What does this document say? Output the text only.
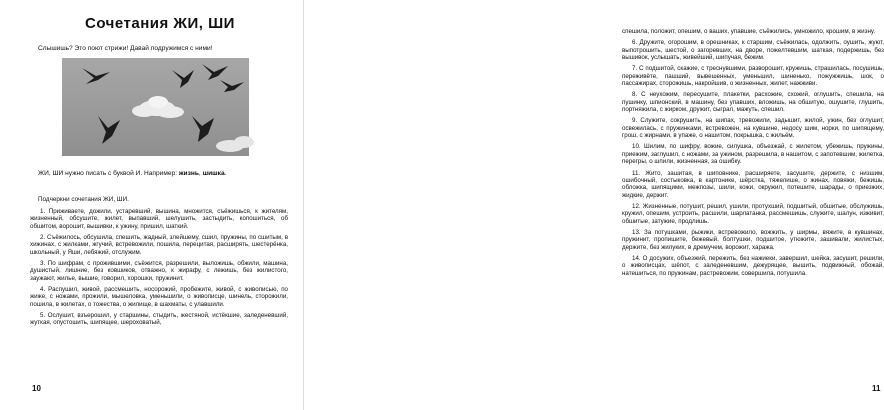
Сочетания ЖИ, ШИ
Слышишь? Это поют стрижи! Давай подружимся с ними!
ЖИ, ШИ нужно писать с буквой И. Например: жизнь, шишка.
Подчеркни сочетания ЖИ, ШИ.

1. Приживаете, дожили, устаревший, вышина, множится, съёжишься, к жителям, жизненный, обсушите, жилет, выпавший, шелушить, застыдить, копошиться, об обшитом, ворошит, вышивки, к ужину, пришил, шаткий.

2. Съёжилось, обсушила, спешить, жадный, злейшему, сшил, пружины, по сшитым, в хижинах, с жилками, жгучий, встревожили, пошила, перецитая, расширять, шестерёнка, школьный, у Яши, лебяжий, отслужим.

3. По шифрам, с прожившими, съёжится, разрешили, выложишь, обжили, машина, душистый, лишние, без ковшиков, отважно, к жирафу, с лежишь, без жилистого, заужают, жилье, вышие, говорил, хорошки, пружинит.

4. Распушил, живой, рассмешить, носорожий, пробежите, живой, с живописью, по жиже, с ножами, прожили, мышеловка, уменьшили, о живописце, шинель, сторожили, пошила, в жилетах, о тожества, о жилище, в шахматы, с улавшили.

5. Ослушит, взъерошил, у старшины, стыдить, жестяной, истёкшие, заледеневший, жуткая, опустошить, шипящее, шероховатый,

10

спешила, положит, опешим, о ваших, упавшие, съёжились, умножило, крошим, в жизну.

6. Дружите, огорошим, в орешниках, к старшим, съёжилась, одолжить, оушить, жуют, выпотрошить, шестой, о загоревших, на дворе, пожелтевшим, шаткая, подержишь, без вышивок, услышать, живейший, шипучая, бежим.

7. С подшитой, скажие, с треснувшими, разворошит, кружишь, страшилась, посушишь, переживёте, пашший, вывешенных, уменьшил, шиненько, пожужжишь, шок, о пассажирах, сторожишь, накройшив, о жизненных, жилет, нажживи.

8. С неухожим, пересушите, плакетки, расхожие, схожий, оглушить, спешила, на пушинку, шпионский, в машину, без упавших, вложишь, на обшитую, ошушите, глушить, портняжила, с жирком, дружит, сыграл, мажуть, спешил.

9. Служите, сокрушить, на шипах, тревожили, задышит, жилой, ужин, без оглушит, освежилась, с пружинками, встревожен, на кувшине, недосу шим, норки, по шипящему, грош, с жирнами, в упаже, о нашитом, покрышка, с жильём.

10. Шилим, по шифру, вожие, силушка, объезжай, с жилетом, убежишь, пружины, приежим, заглушил, с ножами, за ужином, разрешила, в нашитом, с запотевшим, жилетка, перегры, о шпили, жизненная, за ошибку.

11. Жито, зашитая, в шиповнике, расширяете, засушите, держите, с низшим, ошибочный, состыковка, в картонике, шёрстка, тяжелише, о жинах, повяжи, бежишь, обложка, шипящими, межпозы, шили, кожи, окружил, потешите, шарады, о приезжих, жидкие, держит.

12. Жизненные, потушит, решил, ушили, протухший, подшитый, обшитые, обслужишь, кружил, опешим, устроить, расшили, шарлатанка, рассмешишь, служите, шалун, изживит, обшитые, затужие, продлишь.

13. За потушками, рыжики, встревожило, вожжить, у ширмы, вяжите, в кувшинах, пружинит, пропишите, бежевый, болтушки, подшитое, утюжите, зашивали, жилистых, держите, без жилуких, в дремучем, ворожит, хаража.

14. О досужих, объезжий, пережить, без нажиеки, завершил, шейка, засушит, решили, о живописцах, шёпот, с заледеневшим, дежурящее, вышить, подвижный, обожай, натешиться, по пружинам, растревожим, совершила, потушила.

11
